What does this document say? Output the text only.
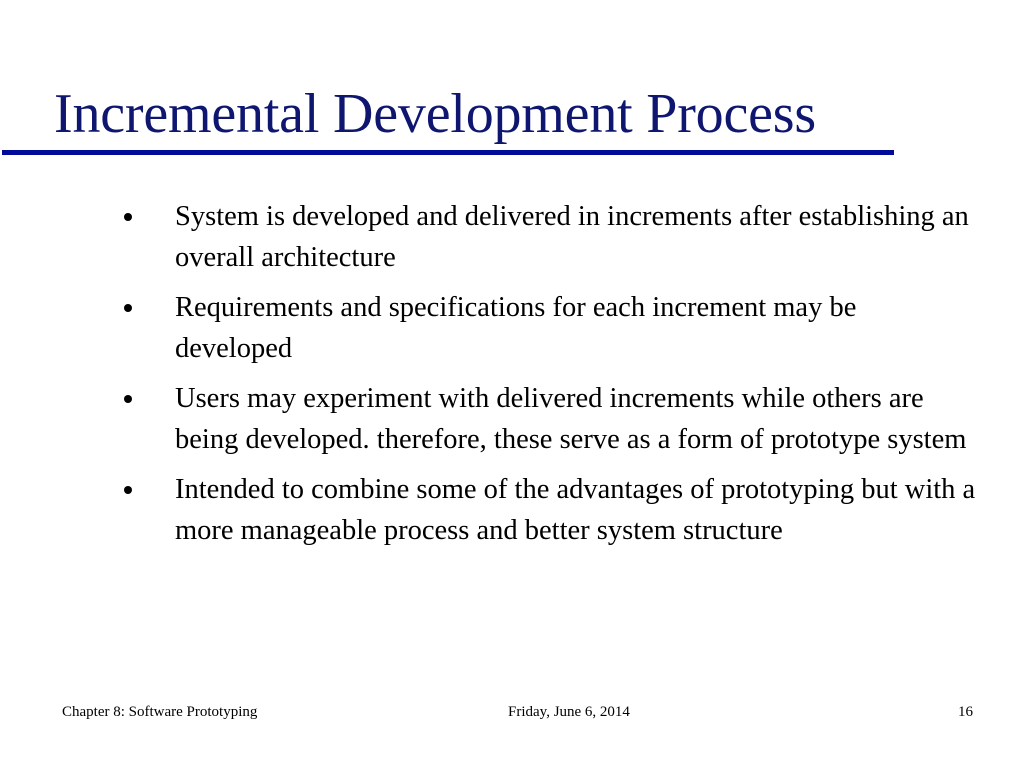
Incremental Development Process
System is developed and delivered in increments after establishing an overall architecture
Requirements and specifications for each increment may be developed
Users may experiment with delivered increments while others are being developed. therefore, these serve as a form of prototype system
Intended to combine some of the advantages of prototyping but with a more manageable process and better system structure
Chapter 8: Software Prototyping	Friday, June 6, 2014	16
